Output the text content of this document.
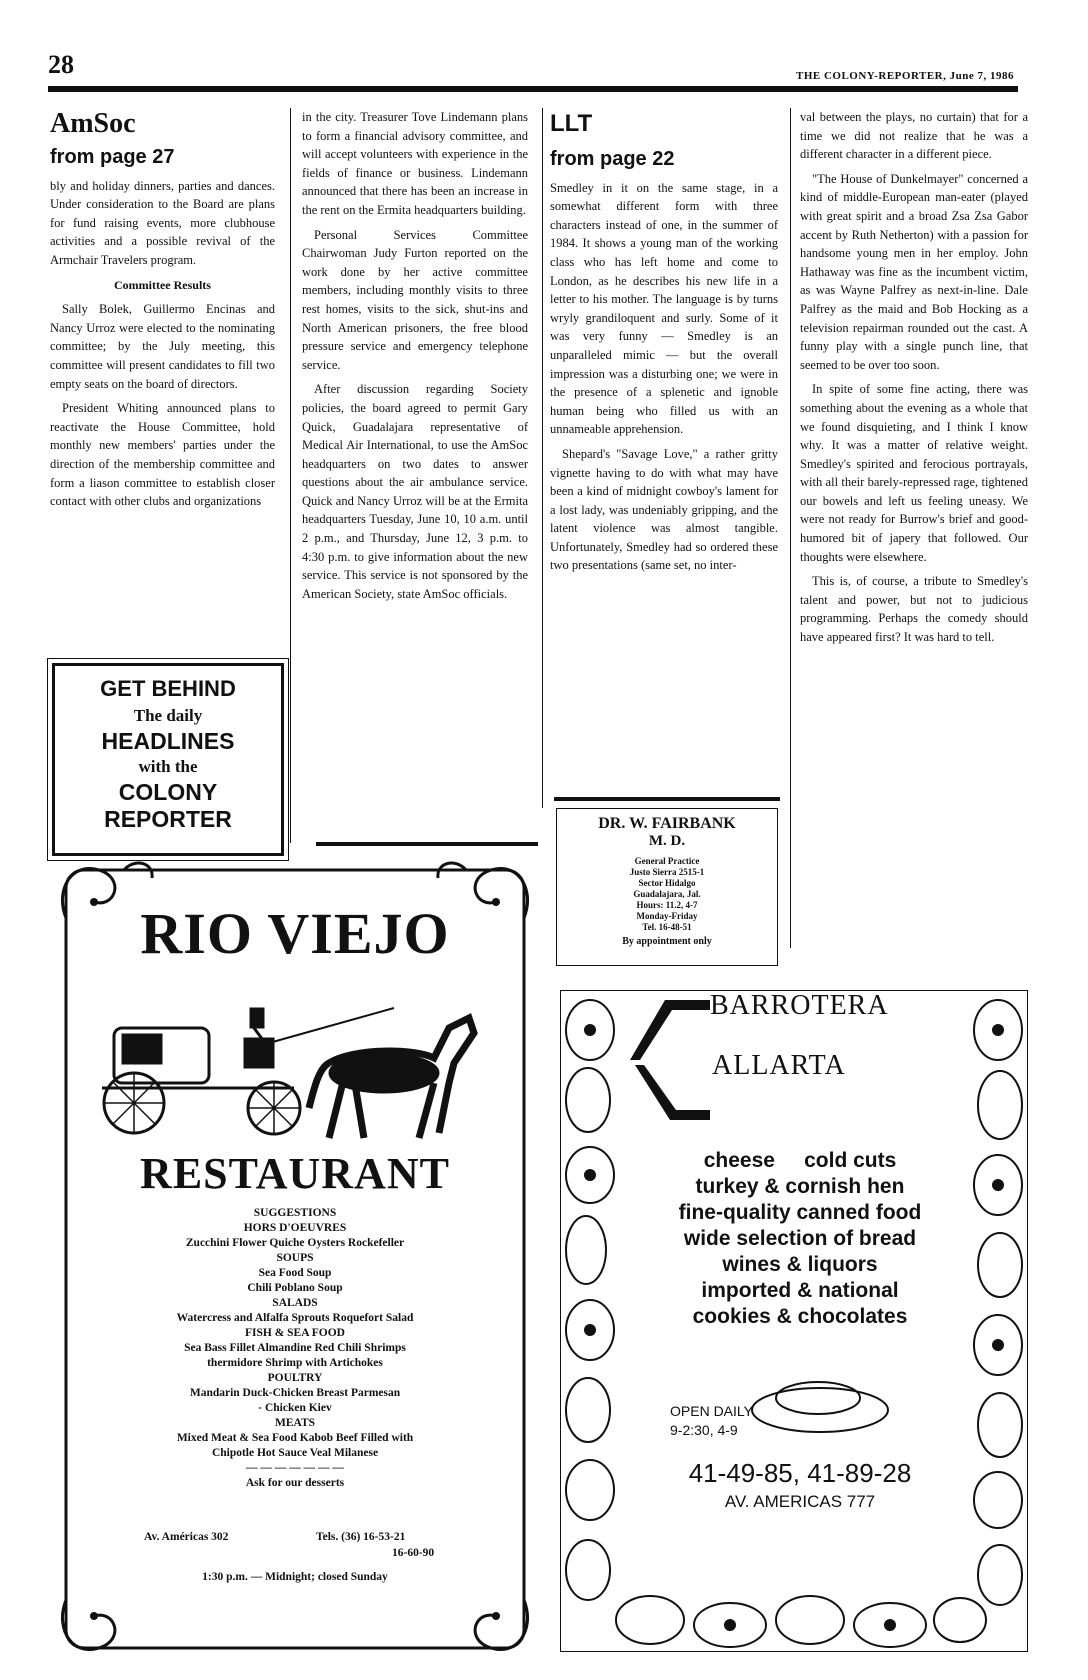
28	THE COLONY-REPORTER, June 7, 1986
AmSoc
from page 27

bly and holiday dinners, parties and dances. Under consideration to the Board are plans for fund raising events, more clubhouse activities and a possible revival of the Armchair Travelers program.

Committee Results

Sally Bolek, Guillermo Encinas and Nancy Urroz were elected to the nominating committee; by the July meeting, this committee will present candidates to fill two empty seats on the board of directors.

President Whiting announced plans to reactivate the House Committee, hold monthly new members' parties under the direction of the membership committee and form a liason committee to establish closer contact with other clubs and organizations

GET BEHIND
The daily
HEADLINES
with the
COLONY
REPORTER

in the city. Treasurer Tove Lindemann plans to form a financial advisory committee, and will accept volunteers with experience in the fields of finance or business. Lindemann announced that there has been an increase in the rent on the Ermita headquarters building.

Personal Services Committee Chairwoman Judy Furton reported on the work done by her active committee members, including monthly visits to three rest homes, visits to the sick, shut-ins and North American prisoners, the free blood pressure service and emergency telephone service.

After discussion regarding Society policies, the board agreed to permit Gary Quick, Guadalajara representative of Medical Air International, to use the AmSoc headquarters on two dates to answer questions about the air ambulance service. Quick and Nancy Urroz will be at the Ermita headquarters Tuesday, June 10, 10 a.m. until 2 p.m., and Thursday, June 12, 3 p.m. to 4:30 p.m. to give information about the new service. This service is not sponsored by the American Society, state AmSoc officials.

LLT
from page 22

Smedley in it on the same stage, in a somewhat different form with three characters instead of one, in the summer of 1984. It shows a young man of the working class who has left home and come to London, as he describes his new life in a letter to his mother. The language is by turns wryly grandiloquent and surly. Some of it was very funny — Smedley is an unparalleled mimic — but the overall impression was a disturbing one; we were in the presence of a splenetic and ignoble human being who filled us with an unnameable apprehension.

Shepard's "Savage Love," a rather gritty vignette having to do with what may have been a kind of midnight cowboy's lament for a lost lady, was undeniably gripping, and the latent violence was almost tangible. Unfortunately, Smedley had so ordered these two presentations (same set, no inter-

DR. W. FAIRBANK
M. D.
General Practice
Justo Sierra 2515-1
Sector Hidalgo
Guadalajara, Jal.
Hours: 11.2, 4-7
Monday-Friday
Tel. 16-48-51
By appointment only

val between the plays, no curtain) that for a time we did not realize that he was a different character in a different piece.

"The House of Dunkelmayer" concerned a kind of middle-European man-eater (played with great spirit and a broad Zsa Zsa Gabor accent by Ruth Netherton) with a passion for handsome young men in her employ. John Hathaway was fine as the incumbent victim, as was Wayne Palfrey as next-in-line. Dale Palfrey as the maid and Bob Hocking as a television repairman rounded out the cast. A funny play with a single punch line, that seemed to be over too soon.

In spite of some fine acting, there was something about the evening as a whole that we found disquieting, and I think I know why. It was a matter of relative weight. Smedley's spirited and ferocious portrayals, with all their barely-repressed rage, tightened our bowels and left us feeling uneasy. We were not ready for Burrow's brief and good-humored bit of japery that followed. Our thoughts were elsewhere.

This is, of course, a tribute to Smedley's talent and power, but not to judicious programming. Perhaps the comedy should have appeared first? It was hard to tell.

RIO VIEJO
RESTAURANT
SUGGESTIONS
HORS D'OEUVRES
Zucchini Flower Quiche Oysters Rockefeller
SOUPS
Sea Food Soup
Chili Poblano Soup
SALADS
Watercress and Alfalfa Sprouts Roquefort Salad
FISH & SEA FOOD
Sea Bass Fillet Almandine Red Chili Shrimps
thermidore Shrimp with Artichokes
POULTRY
Mandarin Duck-Chicken Breast Parmesan
- Chicken Kiev
MEATS
Mixed Meat & Sea Food Kabob Beef Filled with
Chipotle Hot Sauce Veal Milanese
— — — — — — —
Ask for our desserts
Av. Américas 302	Tels. (36) 16-53-21
16-60-90
1:30 p.m. — Midnight; closed Sunday
BARROTERA
ALLARTA
cheese     cold cuts
turkey & cornish hen
fine-quality canned food
wide selection of bread
wines & liquors
imported & national
cookies & chocolates
OPEN DAILY
9-2:30, 4-9
41-49-85, 41-89-28
AV. AMERICAS 777
